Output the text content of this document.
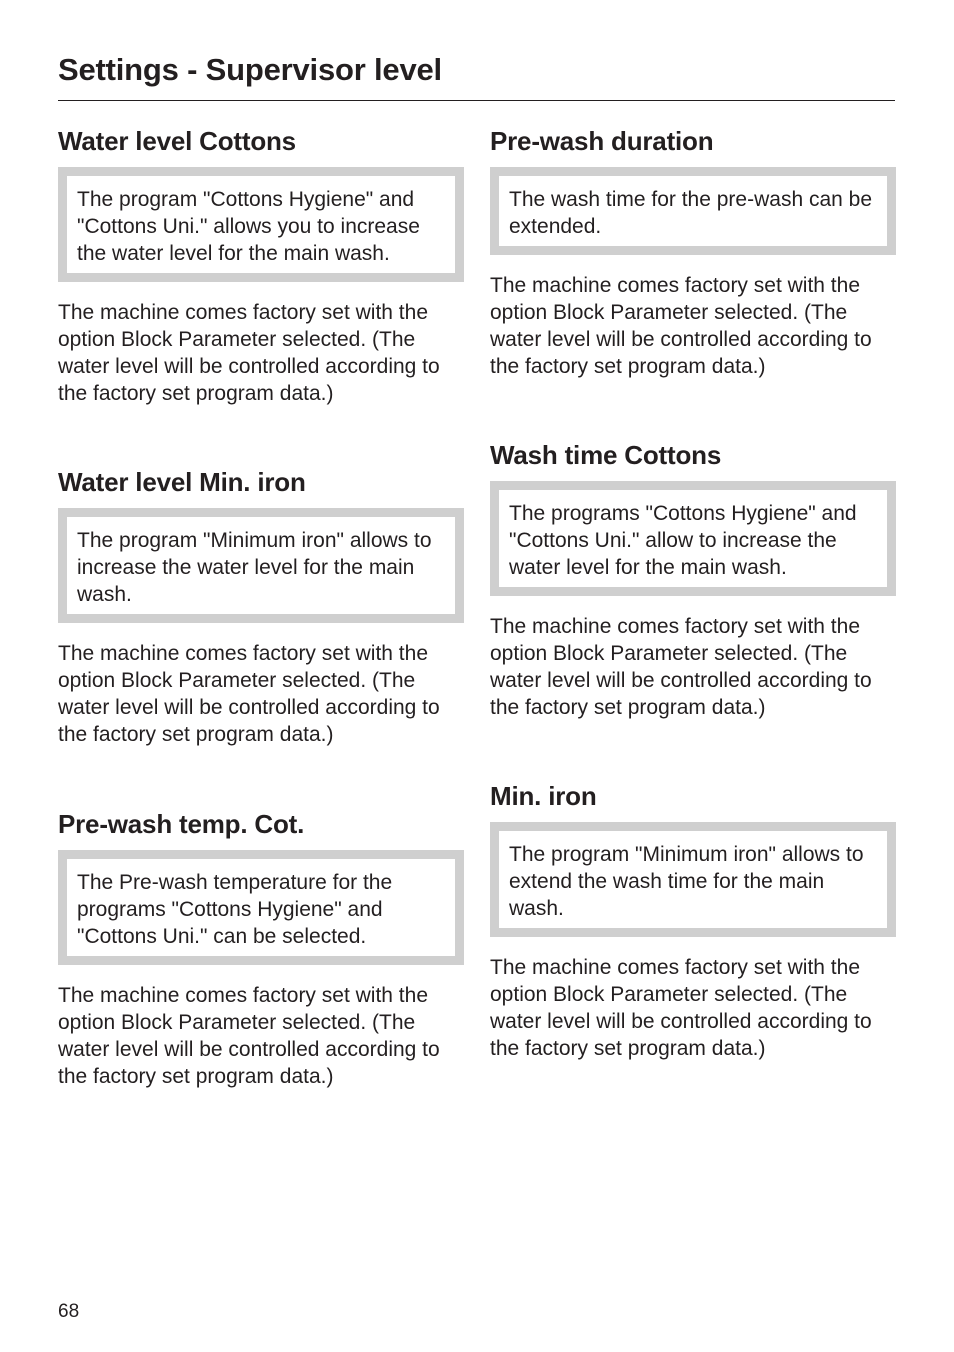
Settings - Supervisor level
Water level Cottons
The program "Cottons Hygiene" and "Cottons Uni." allows you to increase the water level for the main wash.
The machine comes factory set with the option Block Parameter selected. (The water level will be controlled according to the factory set program data.)
Water level Min. iron
The program "Minimum iron" allows to increase the water level for the main wash.
The machine comes factory set with the option Block Parameter selected. (The water level will be controlled according to the factory set program data.)
Pre-wash temp. Cot.
The Pre-wash temperature for the programs "Cottons Hygiene" and "Cottons Uni." can be selected.
The machine comes factory set with the option Block Parameter selected. (The water level will be controlled according to the factory set program data.)
Pre-wash duration
The wash time for the pre-wash can be extended.
The machine comes factory set with the option Block Parameter selected. (The water level will be controlled according to the factory set program data.)
Wash time Cottons
The programs "Cottons Hygiene" and "Cottons Uni." allow to increase the water level for the main wash.
The machine comes factory set with the option Block Parameter selected. (The water level will be controlled according to the factory set program data.)
Min. iron
The program "Minimum iron" allows to extend the wash time for the main wash.
The machine comes factory set with the option Block Parameter selected. (The water level will be controlled according to the factory set program data.)
68
